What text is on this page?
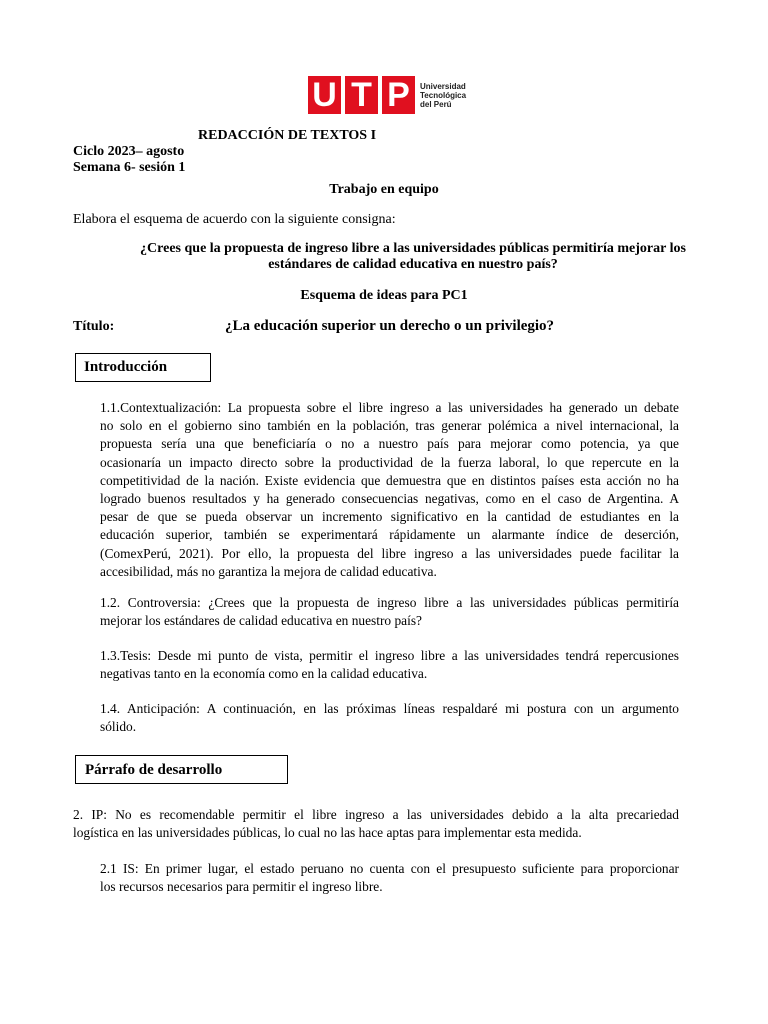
U T P	Universidad
Tecnológica
del Perú
REDACCIÓN DE TEXTOS I
Ciclo 2023– agosto
Semana 6- sesión 1
Trabajo en equipo
Elabora el esquema de acuerdo con la siguiente consigna:
¿Crees que la propuesta de ingreso libre a las universidades públicas permitiría mejorar los
estándares de calidad educativa en nuestro país?
Esquema de ideas para PC1
Título:	¿La educación superior un derecho o un privilegio?
Introducción
1.1.Contextualización: La propuesta sobre el libre ingreso a las universidades ha generado un debate
no solo en el gobierno sino también en la población, tras generar polémica a nivel internacional, la
propuesta sería una que beneficiaría o no a nuestro país para mejorar como potencia, ya que
ocasionaría un impacto directo sobre la productividad de la fuerza laboral, lo que repercute en la
competitividad de la nación. Existe evidencia que demuestra que en distintos países esta acción no ha
logrado buenos resultados y ha generado consecuencias negativas, como en el caso de Argentina. A
pesar de que se pueda observar un incremento significativo en la cantidad de estudiantes en la
educación superior, también se experimentará rápidamente un alarmante índice de deserción,
(ComexPerú, 2021). Por ello, la propuesta del libre ingreso a las universidades puede facilitar la
accesibilidad, más no garantiza la mejora de calidad educativa.
1.2. Controversia: ¿Crees que la propuesta de ingreso libre a las universidades públicas permitiría
mejorar los estándares de calidad educativa en nuestro país?
1.3.Tesis: Desde mi punto de vista, permitir el ingreso libre a las universidades tendrá repercusiones
negativas tanto en la economía como en la calidad educativa.
1.4. Anticipación: A continuación, en las próximas líneas respaldaré mi postura con un argumento
sólido.
Párrafo de desarrollo
2. IP: No es recomendable permitir el libre ingreso a las universidades debido a la alta precariedad
logística en las universidades públicas, lo cual no las hace aptas para implementar esta medida.
2.1 IS: En primer lugar, el estado peruano no cuenta con el presupuesto suficiente para proporcionar
los recursos necesarios para permitir el ingreso libre.
